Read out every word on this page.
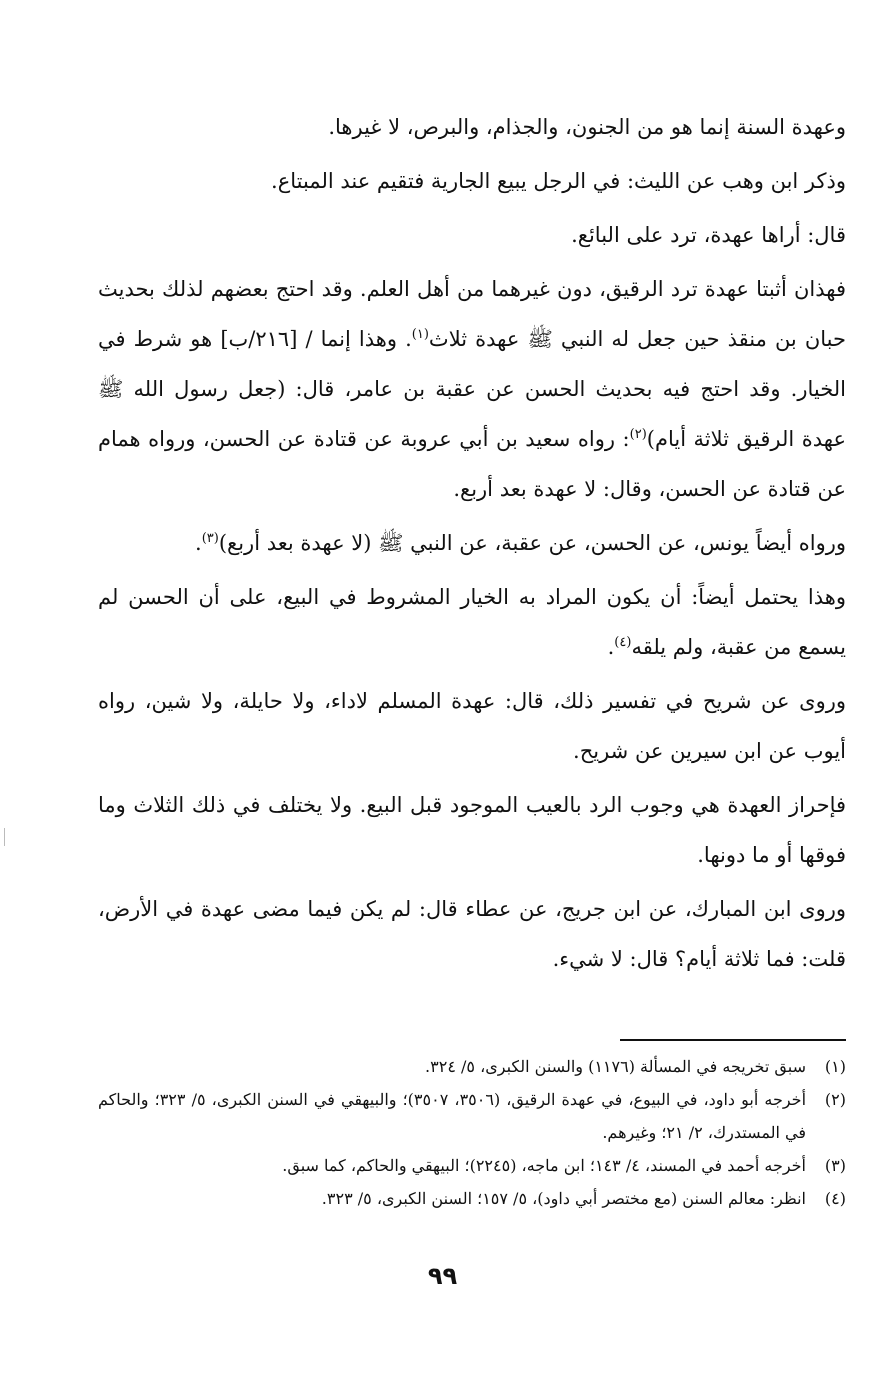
وعهدة السنة إنما هو من الجنون، والجذام، والبرص، لا غيرها.

وذكر ابن وهب عن الليث: في الرجل يبيع الجارية فتقيم عند المبتاع.

قال: أراها عهدة، ترد على البائع.

فهذان أثبتا عهدة ترد الرقيق، دون غيرهما من أهل العلم. وقد احتج بعضهم لذلك بحديث حبان بن منقذ حين جعل له النبي ﷺ عهدة ثلاث$^{(١)}$. وهذا إنما / [٢١٦/ب] هو شرط في الخيار. وقد احتج فيه بحديث الحسن عن عقبة بن عامر، قال: (جعل رسول الله ﷺ عهدة الرقيق ثلاثة أيام)$^{(٢)}$: رواه سعيد بن أبي عروبة عن قتادة عن الحسن، ورواه همام عن قتادة عن الحسن، وقال: لا عهدة بعد أربع.

ورواه أيضاً يونس، عن الحسن، عن عقبة، عن النبي ﷺ (لا عهدة بعد أربع)$^{(٣)}$.

وهذا يحتمل أيضاً: أن يكون المراد به الخيار المشروط في البيع، على أن الحسن لم يسمع من عقبة، ولم يلقه$^{(٤)}$.

وروى عن شريح في تفسير ذلك، قال: عهدة المسلم لاداء، ولا حايلة، ولا شين، رواه أيوب عن ابن سيرين عن شريح.

فإحراز العهدة هي وجوب الرد بالعيب الموجود قبل البيع. ولا يختلف في ذلك الثلاث وما فوقها أو ما دونها.

وروى ابن المبارك، عن ابن جريج، عن عطاء قال: لم يكن فيما مضى عهدة في الأرض، قلت: فما ثلاثة أيام؟ قال: لا شيء.

(١)
سبق تخريجه في المسألة (١١٧٦) والسنن الكبرى، ٥/ ٣٢٤.
(٢)
أخرجه أبو داود، في البيوع، في عهدة الرقيق، (٣٥٠٦، ٣٥٠٧)؛ والبيهقي في السنن الكبرى، ٥/ ٣٢٣؛ والحاكم في المستدرك، ٢/ ٢١؛ وغيرهم.
(٣)
أخرجه أحمد في المسند، ٤/ ١٤٣؛ ابن ماجه، (٢٢٤٥)؛ البيهقي والحاكم، كما سبق.
(٤)
انظر: معالم السنن (مع مختصر أبي داود)، ٥/ ١٥٧؛ السنن الكبرى، ٥/ ٣٢٣.
٩٩
